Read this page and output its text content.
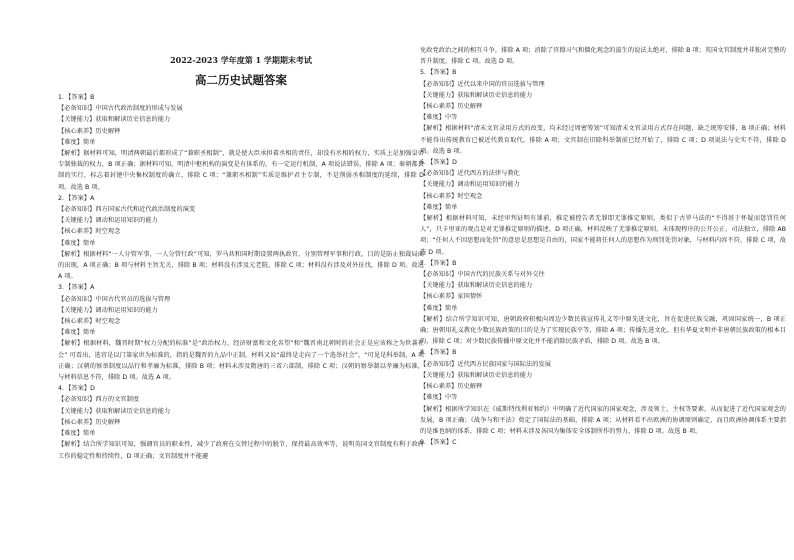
2022-2023 学年度第 1 学期期末考试
高二历史试题答案
1．【答案】B
【必备知识】中国古代政治制度的形成与发展
【关键能力】获取和解读历史信息的能力
【核心素养】历史解释
【难度】简单
【解析】据材料可知，明清两朝最后都形成了“兼职圣相制”，就是使大臣承担着丞相的责任，却没有丞相的权力，实质上是加强皇帝专制独裁的权力，B 项正确；据材料可知，明清中枢机构的演变是有体系的，有一定运行机制，A 项说法错误，排除 A 项；秦朝都县制的实行，标志着封建中央集权制度的确立，排除 C 项；“兼职丞相制”实质是维护君主专制，不是削弱丞相制度的延续，排除 D 项。故选 B 项。
2．【答案】A
【必备知识】西方国家古代和近代政治制度的演变
【关键能力】调动和运用知识的能力
【核心素养】时空观念
【难度】简单
【解析】根据材料“一人分管军事，一人分管行政”可知，罗马共和国时期设置两执政官，分别管理军事和行政，目的是防止独裁局面的出现，A 项正确；B 项与材料主旨无关，排除 B 项；材料没有涉及元老院，排除 C 项；材料没有涉及对外征伐，排除 D 项。故选 A 项。
3．【答案】A
【必备知识】中国古代官员的选拔与管理
【关键能力】调动和运用知识的能力
【核心素养】时空观念
【难度】简单
【解析】根据材料，魏晋时期“权力分配的标准”是“政治权力、经济财富和文化名望”和“魏晋南北朝时的社会正是应该称之为世袭社会” 可看出，选官是以门第家世为标准的，指的是魏晋的九品中正制，材料又说“最终是走向了一个选举社会”，“可见是科举制，A 项正确；汉朝的察举制度以品行和孝廉为标准，排除 B 项；材料未涉及隋唐的三省六部制，排除 C 项；汉朝的察举制以孝廉为标准，与材料信息不符，排除 D 项。故选 A 项。
4．【答案】D
【必备知识】西方的文官制度
【关键能力】获取和解读历史信息的能力
【核心素养】历史解释
【难度】简单
【解析】结合所学知识可知，强调官员的职业性，减少了政府在交替过程中的脱节，保持最高效率等，说明英国文官制度有利于政府工作的稳定性和持续性，D 项正确；文官制度并不能避
免政党政治之间的相互斗争，排除 A 项；消除了官僚习气和僵化观念的滋生的说法太绝对，排除 B 项；英国文官制度并非独对完整的晋升制度，排除 C 项。故选 D 项。
5．【答案】B
【必备知识】近代以来中国的官员选拔与管理
【关键能力】获取和解读历史信息的能力
【核心素养】历史解释
【难度】中等
【解析】根据材料“清末文官录用方式的改变，均未经过周密筹划”可知清末文官录用方式存在问题，缺乏统筹安排，B 项正确；材料不能得出传统教育已被近代教育取代，排除 A 项；文官制在旧除科举制前已经开始了，排除 C 项；D 项说法与史实不符，排除 D 项。故选 B 项。
6．【答案】D
【必备知识】近代西方的法律与教化
【关键能力】调动和运用知识的能力
【核心素养】时空观念
【难度】简单
【解析】根据材料可知，未经审判证明有罪前，推定被控告者无罪即无罪推定原则，类似于古罗马法的“不得基于怀疑而惩罚任何人”，只卡里亚的观点是对无罪推定原则的描述，D 项正确，材料反映了无罪推定原则，未体现程序的公开公正、司法独立，排除 AB 项；“任何人不因思想而处罚”的意思是思想是自由的，国家不能将任何人的思想作为刑罚处罚对象，与材料内容不符，排除 C 项，故选 D 项。
7．【答案】B
【必备知识】中国古代的民族关系与对外交往
【关键能力】获取和解读历史信息的能力
【核心素养】家国情怀
【难度】简单
【解析】结合所学知识可知，唐朝政府积极向周边少数民族宣传礼义等中原先进文化，旨在促进民族交融，巩固国家统一，B 项正确；唐朝用礼义教化少数民族政策的目的是为了实现民族平等，排除 A 项；传播先进文化，但有华夏文明并非唐朝民族政策的根本目的，排除 C 项；对少数民族传播中原文化并不能消除民族矛盾，排除 D 项。故选 B 项。
8．【答案】B
【必备知识】近代西方民族国家与国际法的发展
【关键能力】获取和解读历史信息的能力
【核心素养】历史解释
【难度】中等
【解析】根据所学知识在《威斯特伐利亚和约》中明确了近代国家的国家观念，涉及领土、主权等要素，从而促进了近代国家观念的发展，B 项正确；《战争与和平法》奠定了国际法的基础，排除 A 项；从材料看不出欧洲的协调原则确定，而且欧洲协调体系主要指的是维也纳的体系，排除 C 项；材料未涉及各国为集体安全体制所作的努力，排除 D 项。故选 B 项。
9．【答案】C
